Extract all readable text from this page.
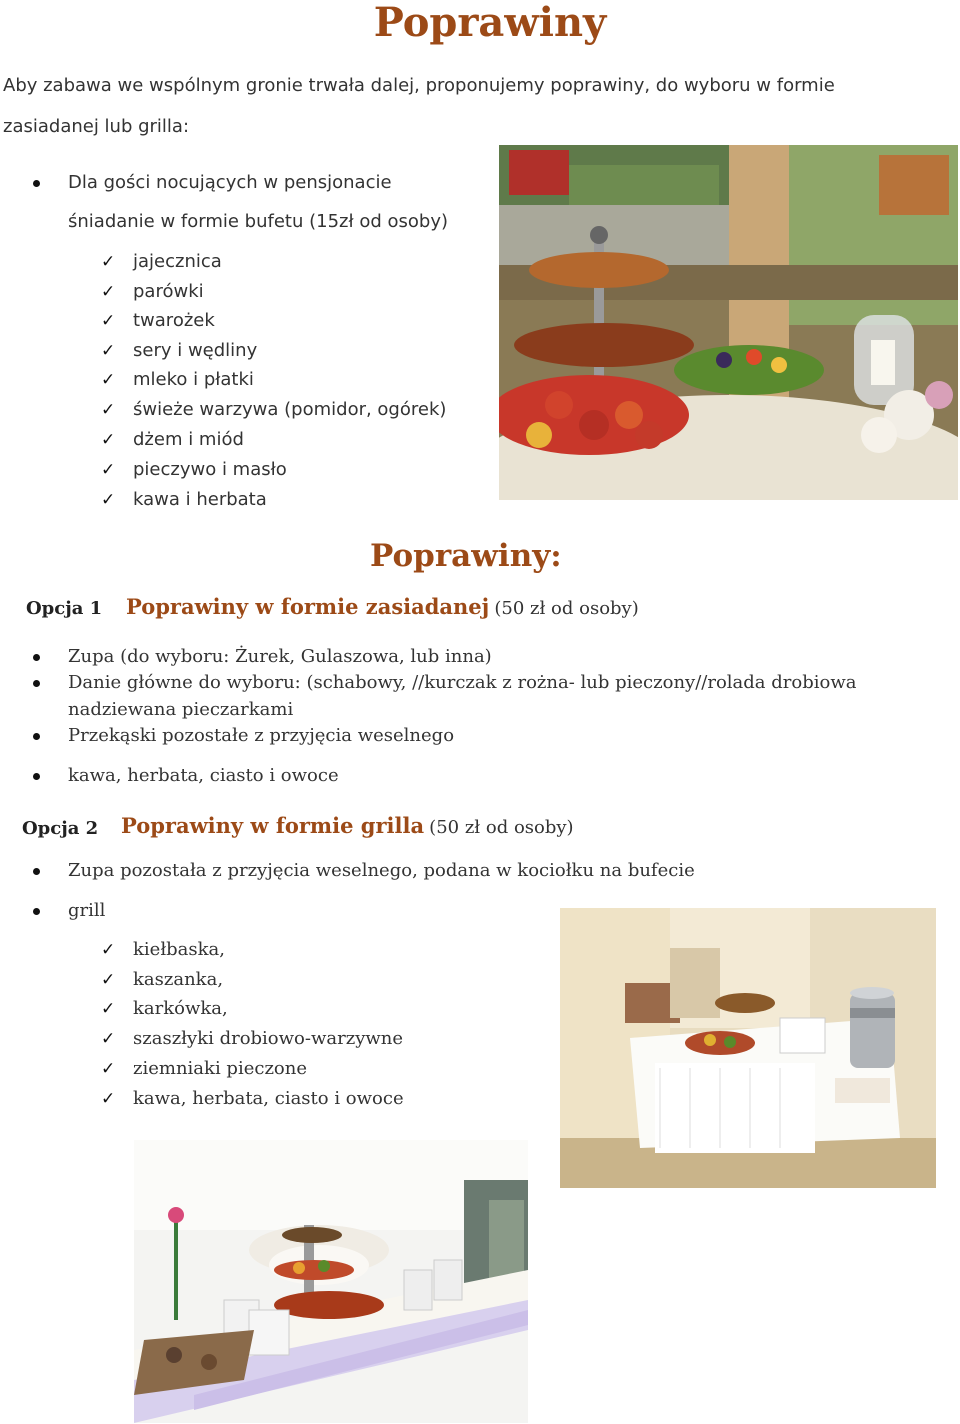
Poprawiny
Aby zabawa we wspólnym gronie trwała dalej, proponujemy poprawiny, do wyboru w formie
zasiadanej lub grilla:
Dla gości nocujących w pensjonacie
śniadanie w formie bufetu (15zł od osoby)
✓ jajecznica
✓ parówki
✓ twarożek
✓ sery i wędliny
✓ mleko i płatki
✓ świeże warzywa (pomidor, ogórek)
✓ dżem i miód
✓ pieczywo i masło
✓ kawa i herbata
Poprawiny:
Opcja 1 Poprawiny w formie zasiadanej (50 zł od osoby)
Zupa (do wyboru: Żurek, Gulaszowa, lub inna)
Danie główne do wyboru: (schabowy, //kurczak z rożna- lub pieczony//rolada drobiowa
nadziewana pieczarkami
Przekąski pozostałe z przyjęcia weselnego
kawa, herbata, ciasto i owoce
Opcja 2 Poprawiny w formie grilla (50 zł od osoby)
Zupa pozostała z przyjęcia weselnego, podana w kociołku na bufecie
grill
✓ kiełbaska,
✓ kaszanka,
✓ karkówka,
✓ szaszłyki drobiowo-warzywne
✓ ziemniaki pieczone
✓ kawa, herbata, ciasto i owoce
